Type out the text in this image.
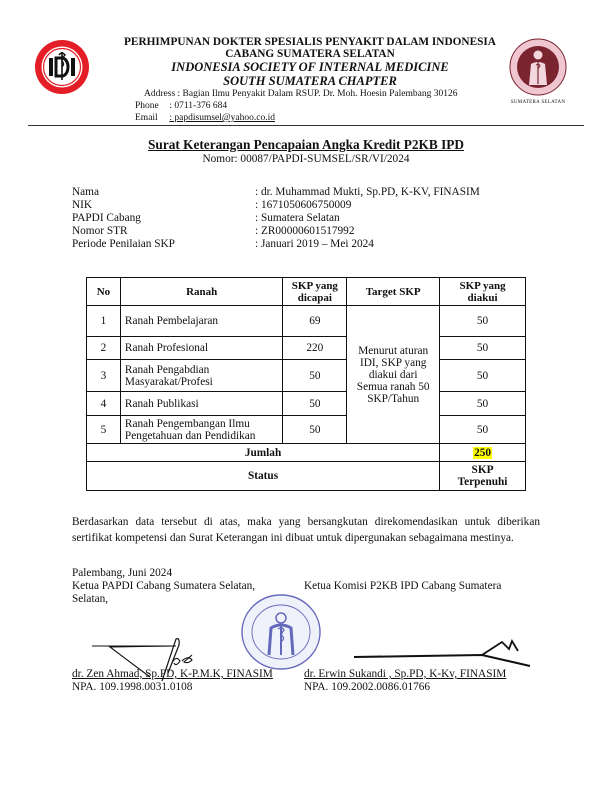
PERHIMPUNAN DOKTER SPESIALIS PENYAKIT DALAM INDONESIA
CABANG SUMATERA SELATAN
INDONESIA SOCIETY OF INTERNAL MEDICINE
SOUTH SUMATERA CHAPTER
Address : Bagian Ilmu Penyakit Dalam RSUP. Dr. Moh. Hoesin Palembang 30126
Phone : 0711-376 684
Email : papdisumsel@yahoo.co.id
SUMATERA SELATAN
Surat Keterangan Pencapaian Angka Kredit P2KB IPD
Nomor: 00087/PAPDI-SUMSEL/SR/VI/2024
Nama	: dr. Muhammad Mukti, Sp.PD, K-KV, FINASIM
NIK	: 1671050606750009
PAPDI Cabang	: Sumatera Selatan
Nomor STR	: ZR00000601517992
Periode Penilaian SKP	: Januari 2019 – Mei 2024
No	Ranah	SKP yang dicapai	Target SKP	SKP yang diakui
1	Ranah Pembelajaran	69	Menurut aturan IDI, SKP yang diakui dari Semua ranah 50 SKP/Tahun	50
2	Ranah Profesional	220		50
3	Ranah Pengabdian Masyarakat/Profesi	50		50
4	Ranah Publikasi	50		50
5	Ranah Pengembangan Ilmu Pengetahuan dan Pendidikan	50		50
Jumlah				250
Status				SKP Terpenuhi
Berdasarkan data tersebut di atas, maka yang bersangkutan direkomendasikan untuk diberikan sertifikat kompetensi dan Surat Keterangan ini dibuat untuk dipergunakan sebagaimana mestinya.
Palembang, Juni 2024
Ketua PAPDI Cabang Sumatera Selatan,	Ketua Komisi P2KB IPD Cabang Sumatera
Selatan,
dr. Zen Ahmad, Sp.PD, K-P.M.K, FINASIM
NPA. 109.1998.0031.0108
dr. Erwin Sukandi , Sp.PD, K-Kv, FINASIM
NPA. 109.2002.0086.01766
